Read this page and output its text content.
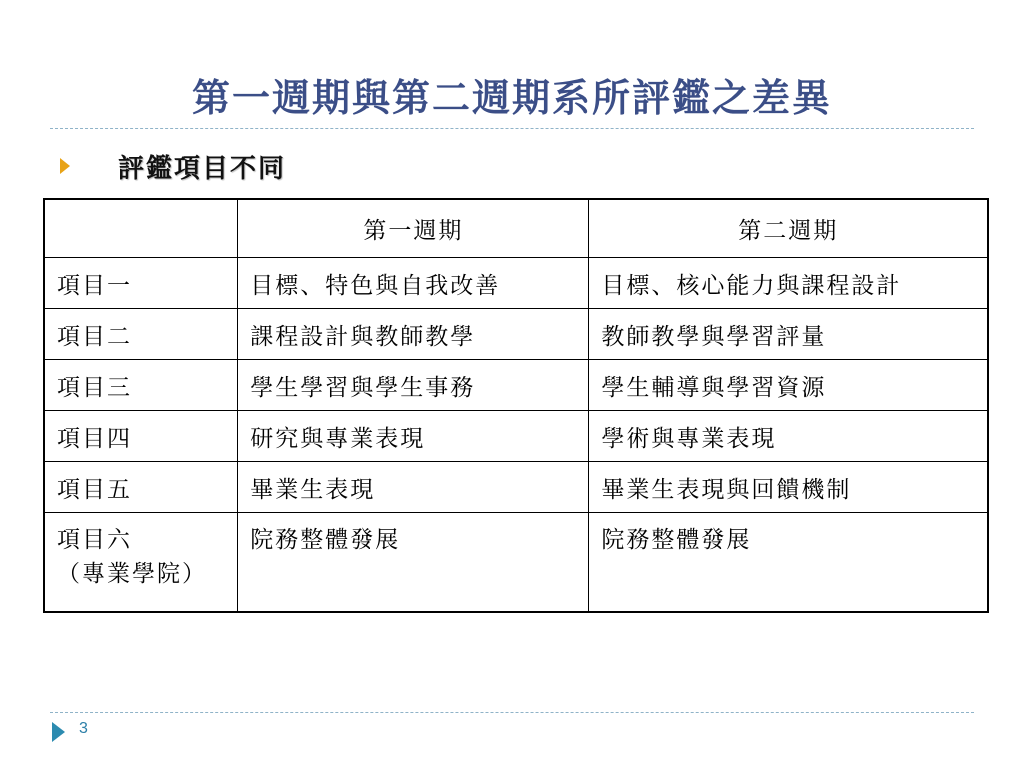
第一週期與第二週期系所評鑑之差異
評鑑項目不同
	第一週期	第二週期
項目一	目標、特色與自我改善	目標、核心能力與課程設計
項目二	課程設計與教師教學	教師教學與學習評量
項目三	學生學習與學生事務	學生輔導與學習資源
項目四	研究與專業表現	學術與專業表現
項目五	畢業生表現	畢業生表現與回饋機制

項目六
（專業學院）	院務整體發展	院務整體發展
3
